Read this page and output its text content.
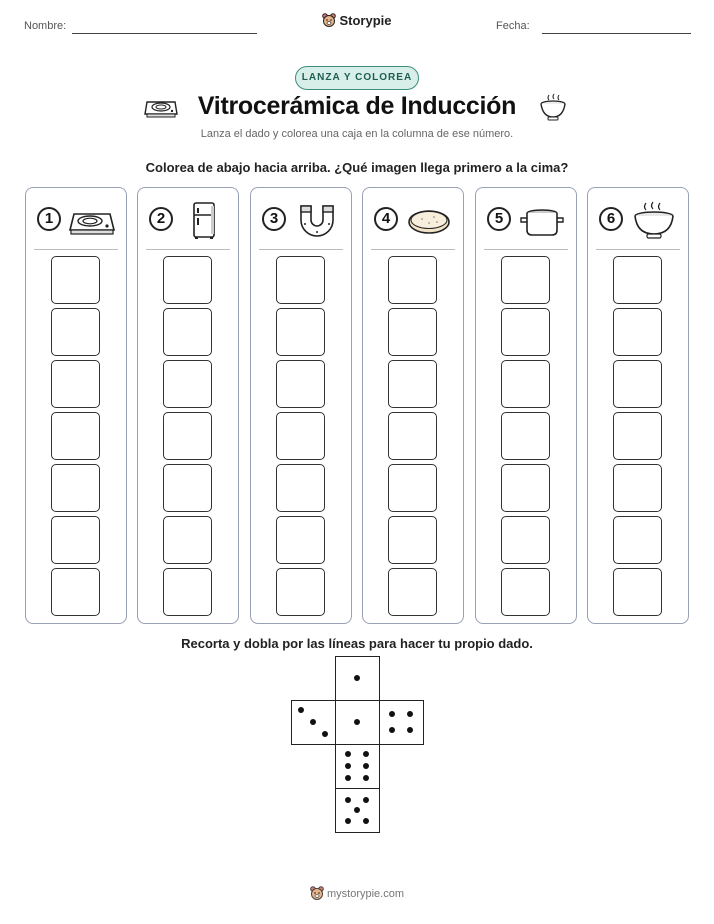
Nombre:	Storypie	Fecha:
LANZA Y COLOREA
Vitrocerámica de Inducción
Lanza el dado y colorea una caja en la columna de ese número.
Colorea de abajo hacia arriba. ¿Qué imagen llega primero a la cima?
1	2	3	4	5	6
Recorta y dobla por las líneas para hacer tu propio dado.
mystorypie.com
